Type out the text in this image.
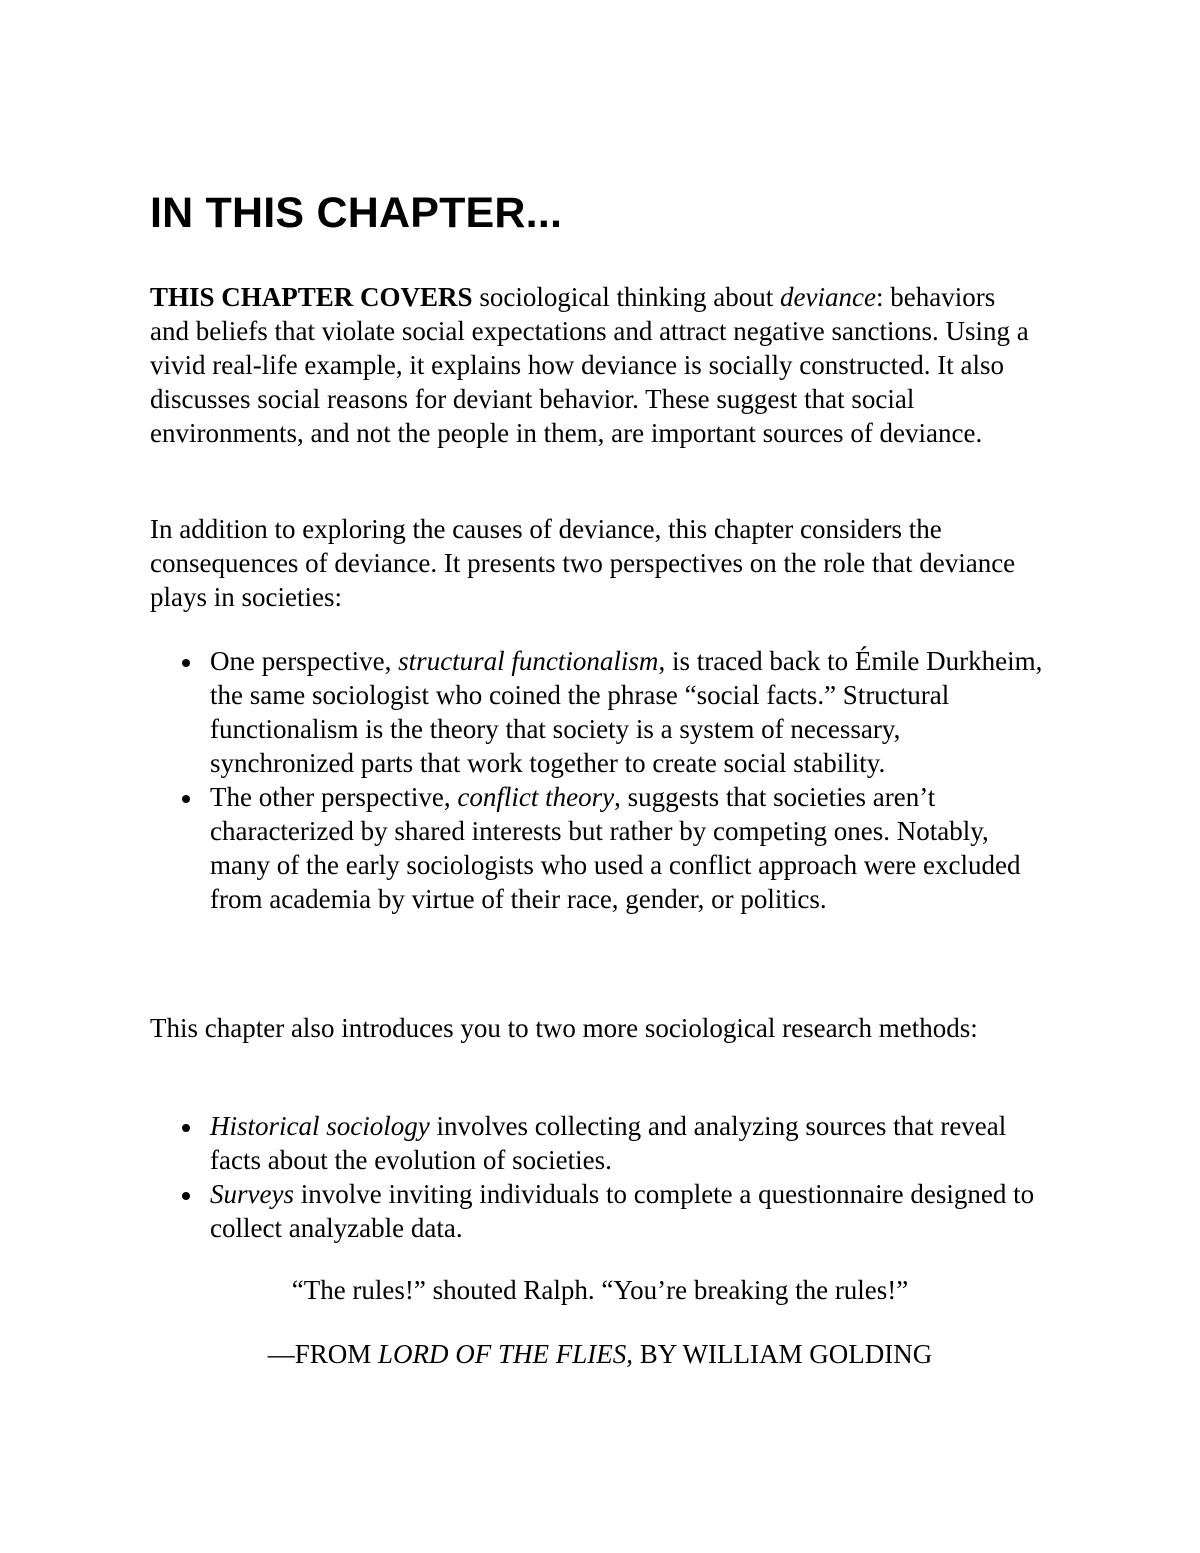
IN THIS CHAPTER...

THIS CHAPTER COVERS sociological thinking about deviance: behaviors and beliefs that violate social expectations and attract negative sanctions. Using a vivid real-life example, it explains how deviance is socially constructed. It also discusses social reasons for deviant behavior. These suggest that social environments, and not the people in them, are important sources of deviance.

In addition to exploring the causes of deviance, this chapter considers the consequences of deviance. It presents two perspectives on the role that deviance plays in societies:

One perspective, structural functionalism, is traced back to Émile Durkheim, the same sociologist who coined the phrase “social facts.” Structural functionalism is the theory that society is a system of necessary, synchronized parts that work together to create social stability.
The other perspective, conflict theory, suggests that societies aren’t characterized by shared interests but rather by competing ones. Notably, many of the early sociologists who used a conflict approach were excluded from academia by virtue of their race, gender, or politics.

This chapter also introduces you to two more sociological research methods:

Historical sociology involves collecting and analyzing sources that reveal facts about the evolution of societies.
Surveys involve inviting individuals to complete a questionnaire designed to collect analyzable data.

“The rules!” shouted Ralph. “You’re breaking the rules!”

—FROM LORD OF THE FLIES, BY WILLIAM GOLDING
